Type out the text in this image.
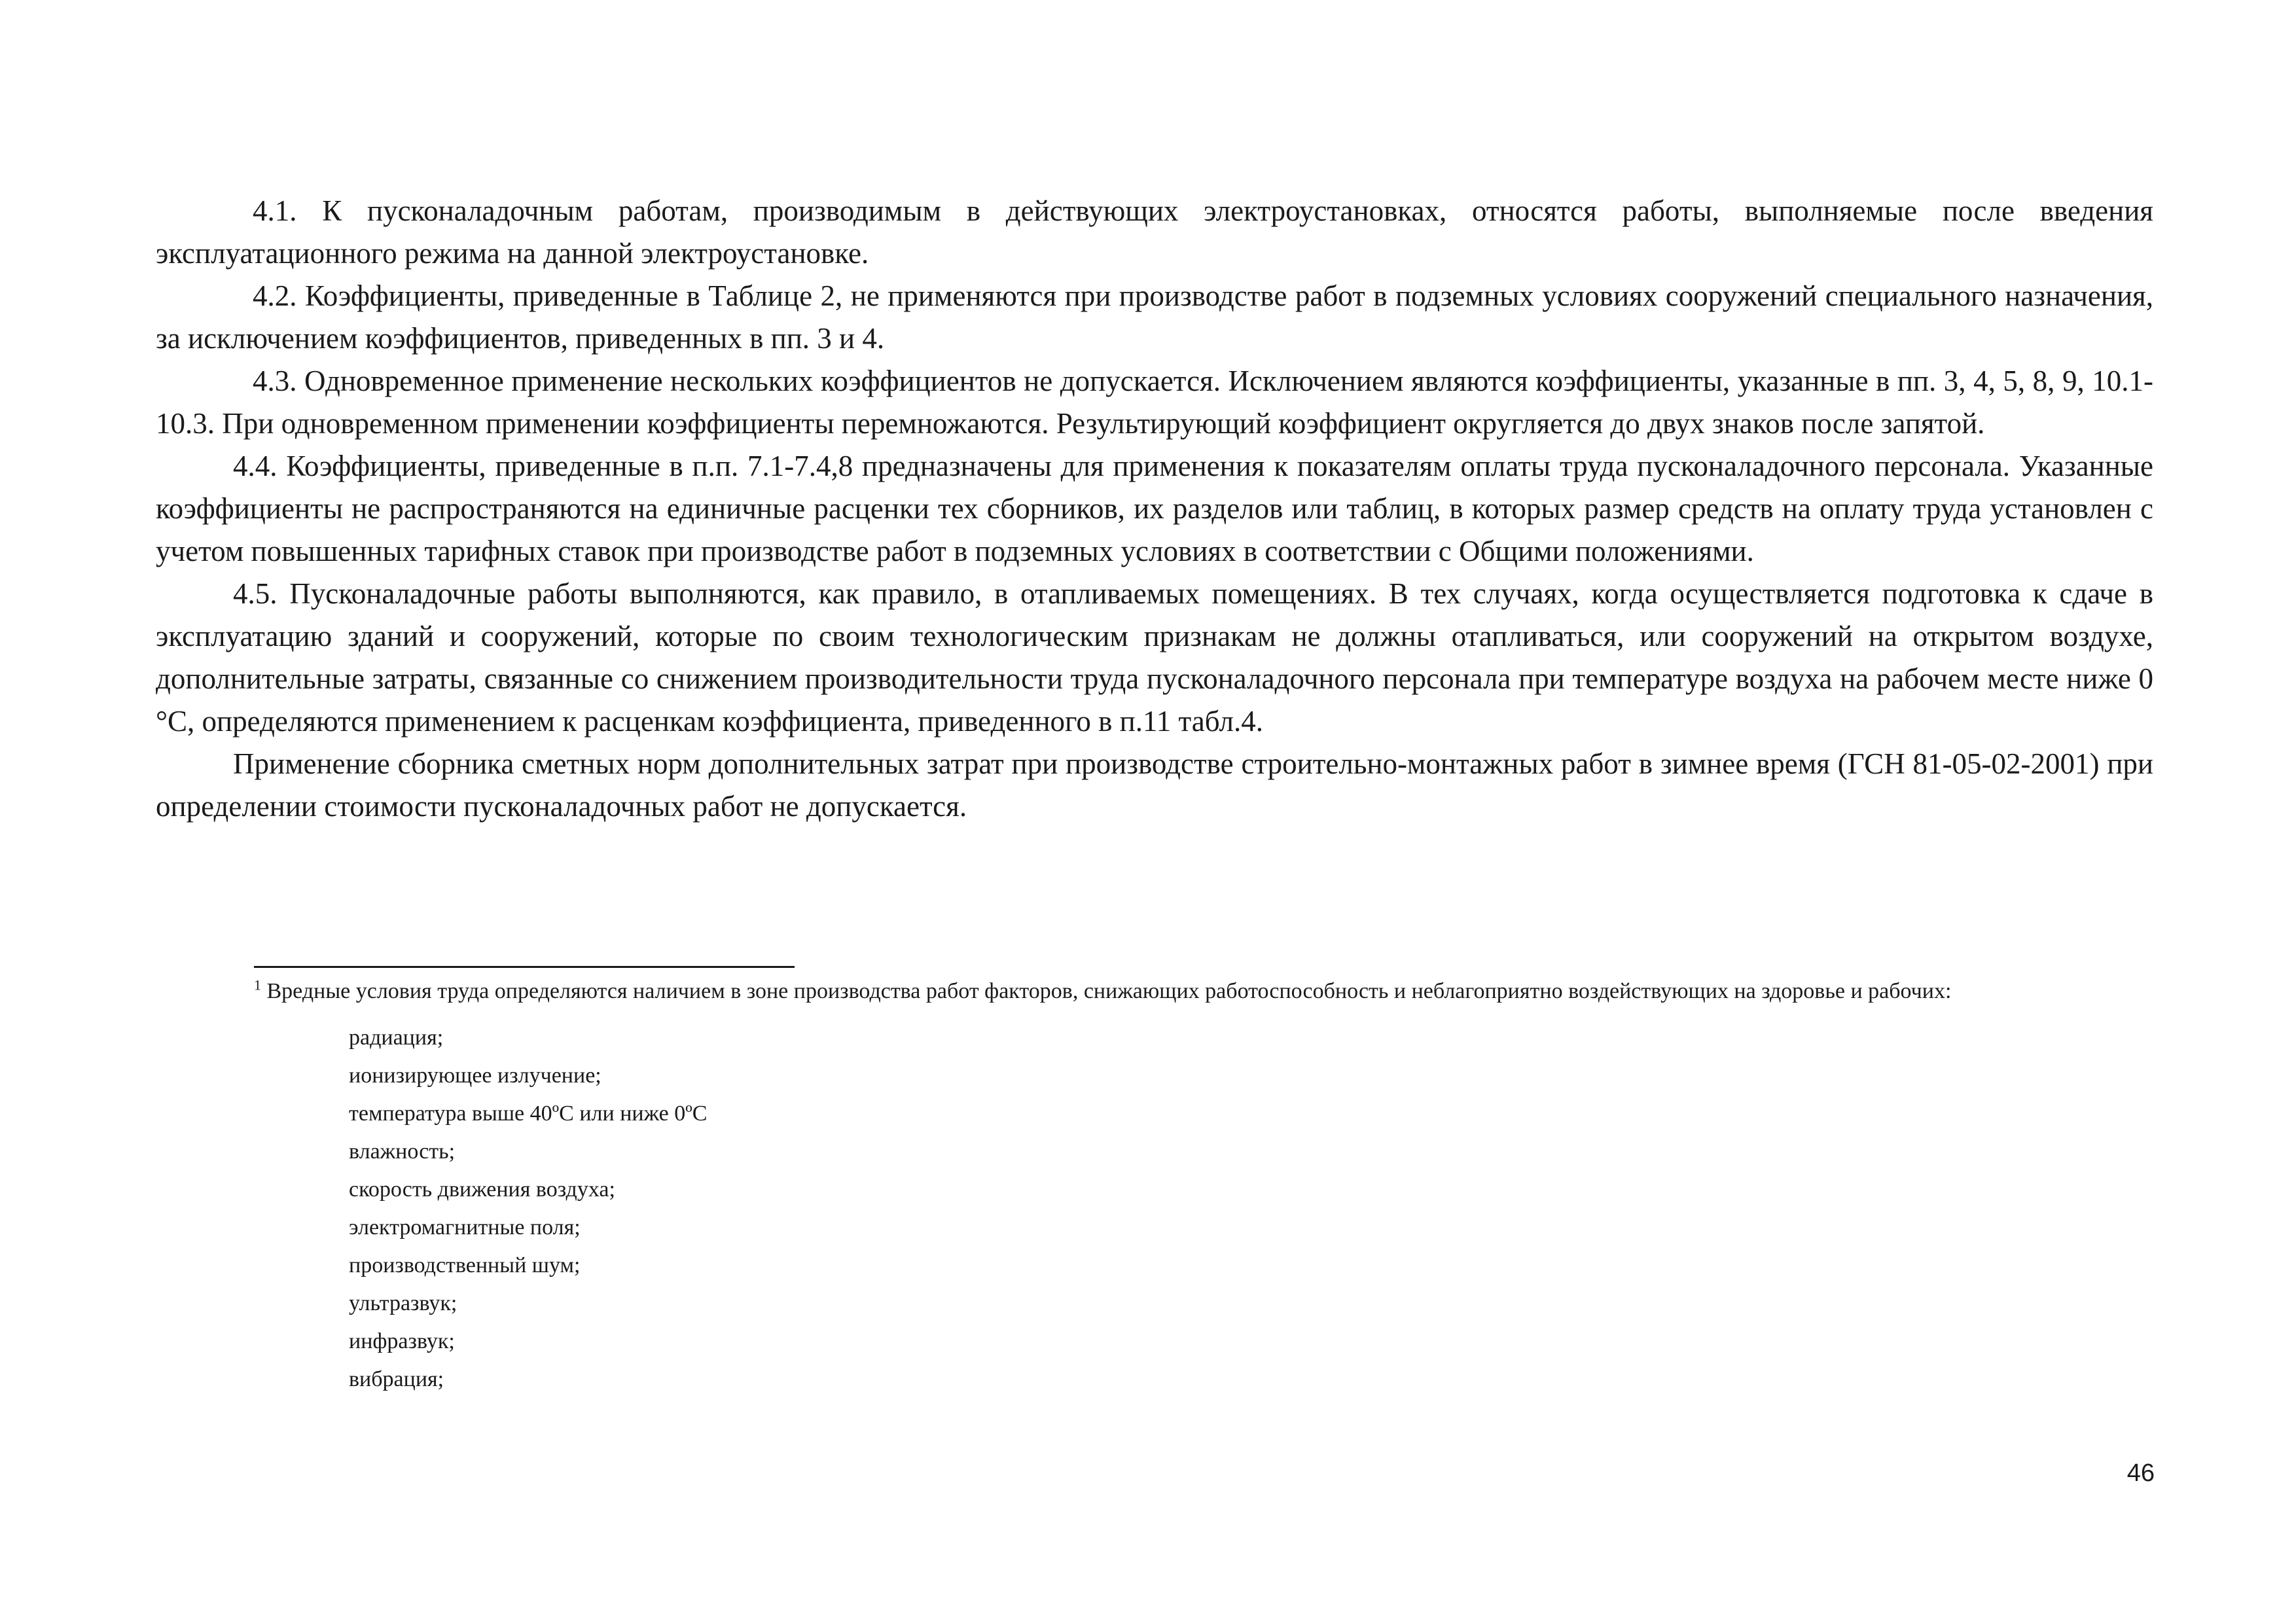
4.1. К пусконаладочным работам, производимым в действующих электроустановках, относятся работы, выполняемые после введения эксплуатационного режима на данной электроустановке.

4.2. Коэффициенты, приведенные в Таблице 2, не применяются при производстве работ в подземных условиях сооружений специального назначения, за исключением коэффициентов, приведенных в пп. 3 и 4.

4.3. Одновременное применение нескольких коэффициентов не допускается. Исключением являются коэффициенты, указанные в пп. 3, 4, 5, 8, 9, 10.1-10.3. При одновременном применении коэффициенты перемножаются. Результирующий коэффициент округляется до двух знаков после запятой.

4.4. Коэффициенты, приведенные в п.п. 7.1-7.4,8 предназначены для применения к показателям оплаты труда пусконаладочного персонала. Указанные коэффициенты не распространяются на единичные расценки тех сборников, их разделов или таблиц, в которых размер средств на оплату труда установлен с учетом повышенных тарифных ставок при производстве работ в подземных условиях в соответствии с Общими положениями.

4.5. Пусконаладочные работы выполняются, как правило, в отапливаемых помещениях. В тех случаях, когда осуществляется подготовка к сдаче в эксплуатацию зданий и сооружений, которые по своим технологическим признакам не должны отапливаться, или сооружений на открытом воздухе, дополнительные затраты, связанные со снижением производительности труда пусконаладочного персонала при температуре воздуха на рабочем месте ниже 0 °С, определяются применением к расценкам коэффициента, приведенного в п.11 табл.4.

Применение сборника сметных норм дополнительных затрат при производстве строительно-монтажных работ в зимнее время (ГСН 81-05-02-2001) при определении стоимости пусконаладочных работ не допускается.

$^1$ Вредные условия труда определяются наличием в зоне производства работ факторов, снижающих работоспособность и неблагоприятно воздействующих на здоровье и рабочих:

радиация;
ионизирующее излучение;
температура выше 40ºС или ниже 0ºС
влажность;
скорость движения воздуха;
электромагнитные поля;
производственный шум;
ультразвук;
инфразвук;
вибрация;
46
